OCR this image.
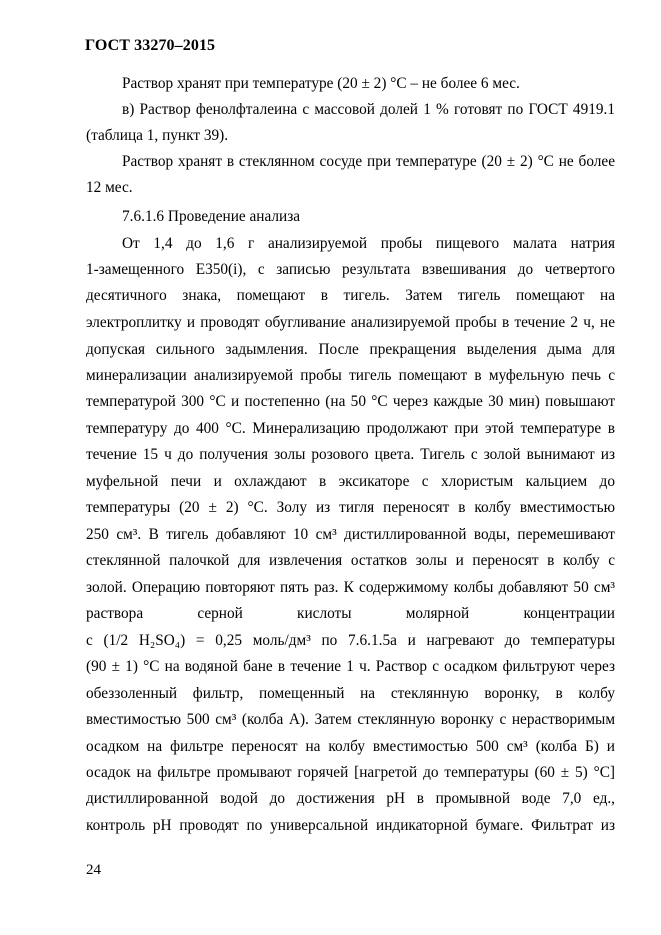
ГОСТ 33270–2015
Раствор хранят при температуре (20 ± 2) °С – не более 6 мес.
в) Раствор фенолфталеина с массовой долей 1 % готовят по ГОСТ 4919.1
(таблица 1, пункт 39).
Раствор хранят в стеклянном сосуде при температуре (20 ± 2) °С не более
12 мес.
7.6.1.6 Проведение анализа
От 1,4 до 1,6 г анализируемой пробы пищевого малата натрия
1-замещенного Е350(i), с записью результата взвешивания до четвертого
десятичного знака, помещают в тигель. Затем тигель помещают на
электроплитку и проводят обугливание анализируемой пробы в течение 2 ч, не
допуская сильного задымления. После прекращения выделения дыма для
минерализации анализируемой пробы тигель помещают в муфельную печь с
температурой 300 °С и постепенно (на 50 °С через каждые 30 мин) повышают
температуру до 400 °С. Минерализацию продолжают при этой температуре в
течение 15 ч до получения золы розового цвета. Тигель с золой вынимают из
муфельной печи и охлаждают в эксикаторе с хлористым кальцием до
температуры (20 ± 2) °С. Золу из тигля переносят в колбу вместимостью
250 см³. В тигель добавляют 10 см³ дистиллированной воды, перемешивают
стеклянной палочкой для извлечения остатков золы и переносят в колбу с
золой. Операцию повторяют пять раз. К содержимому колбы добавляют 50 см³
раствора серной кислоты молярной концентрации
с (1/2 H₂SO₄) = 0,25 моль/дм³ по 7.6.1.5а и нагревают до температуры
(90 ± 1) °С на водяной бане в течение 1 ч. Раствор с осадком фильтруют через
обеззоленный фильтр, помещенный на стеклянную воронку, в колбу
вместимостью 500 см³ (колба А). Затем стеклянную воронку с нерастворимым
осадком на фильтре переносят на колбу вместимостью 500 см³ (колба Б) и
осадок на фильтре промывают горячей [нагретой до температуры (60 ± 5) °С]
дистиллированной водой до достижения рН в промывной воде 7,0 ед.,
контроль рН проводят по универсальной индикаторной бумаге. Фильтрат из
24
